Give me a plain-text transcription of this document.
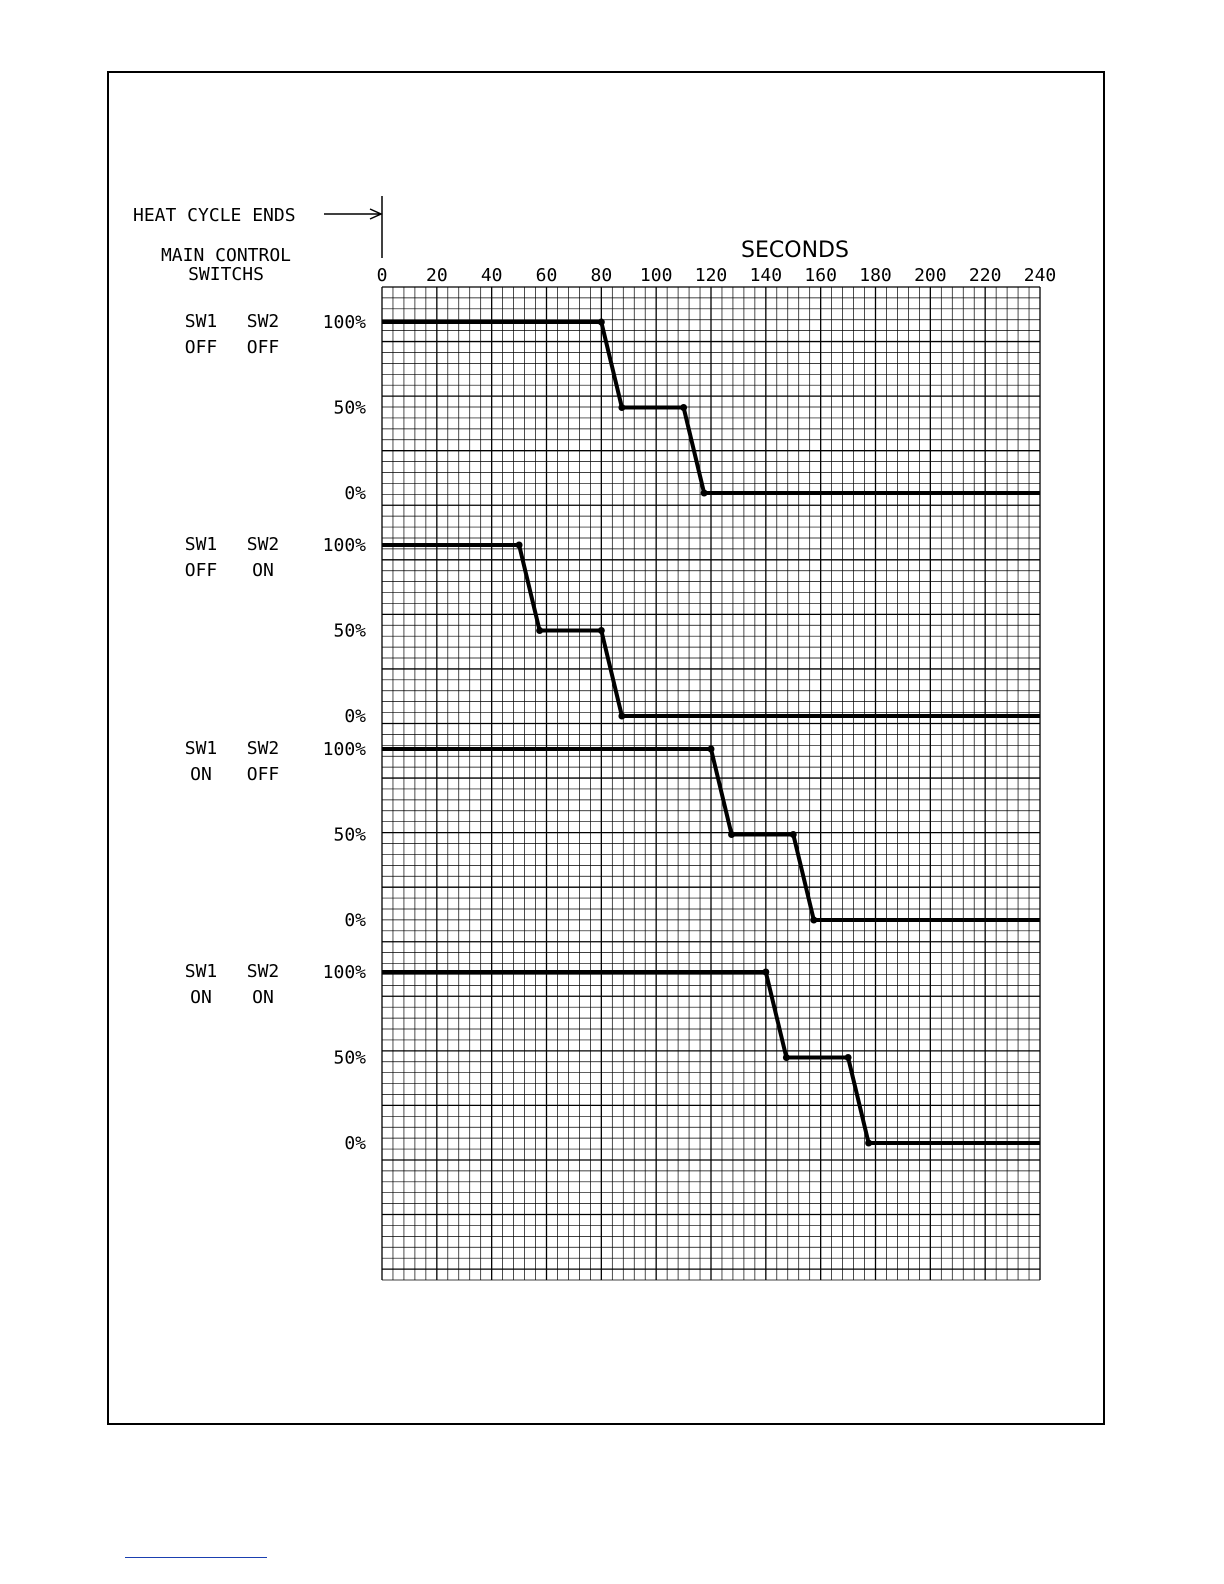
HEAT CYCLE ENDS
MAIN CONTROL
SWITCHS
SECONDS
0 20 40 60 80 100 120 140 160 180 200 220 240
SW1 SW2
OFF OFF
100%
50%
0%
SW1 SW2
OFF ON
100%
50%
0%
SW1 SW2
ON OFF
100%
50%
0%
SW1 SW2
ON ON
100%
50%
0%
